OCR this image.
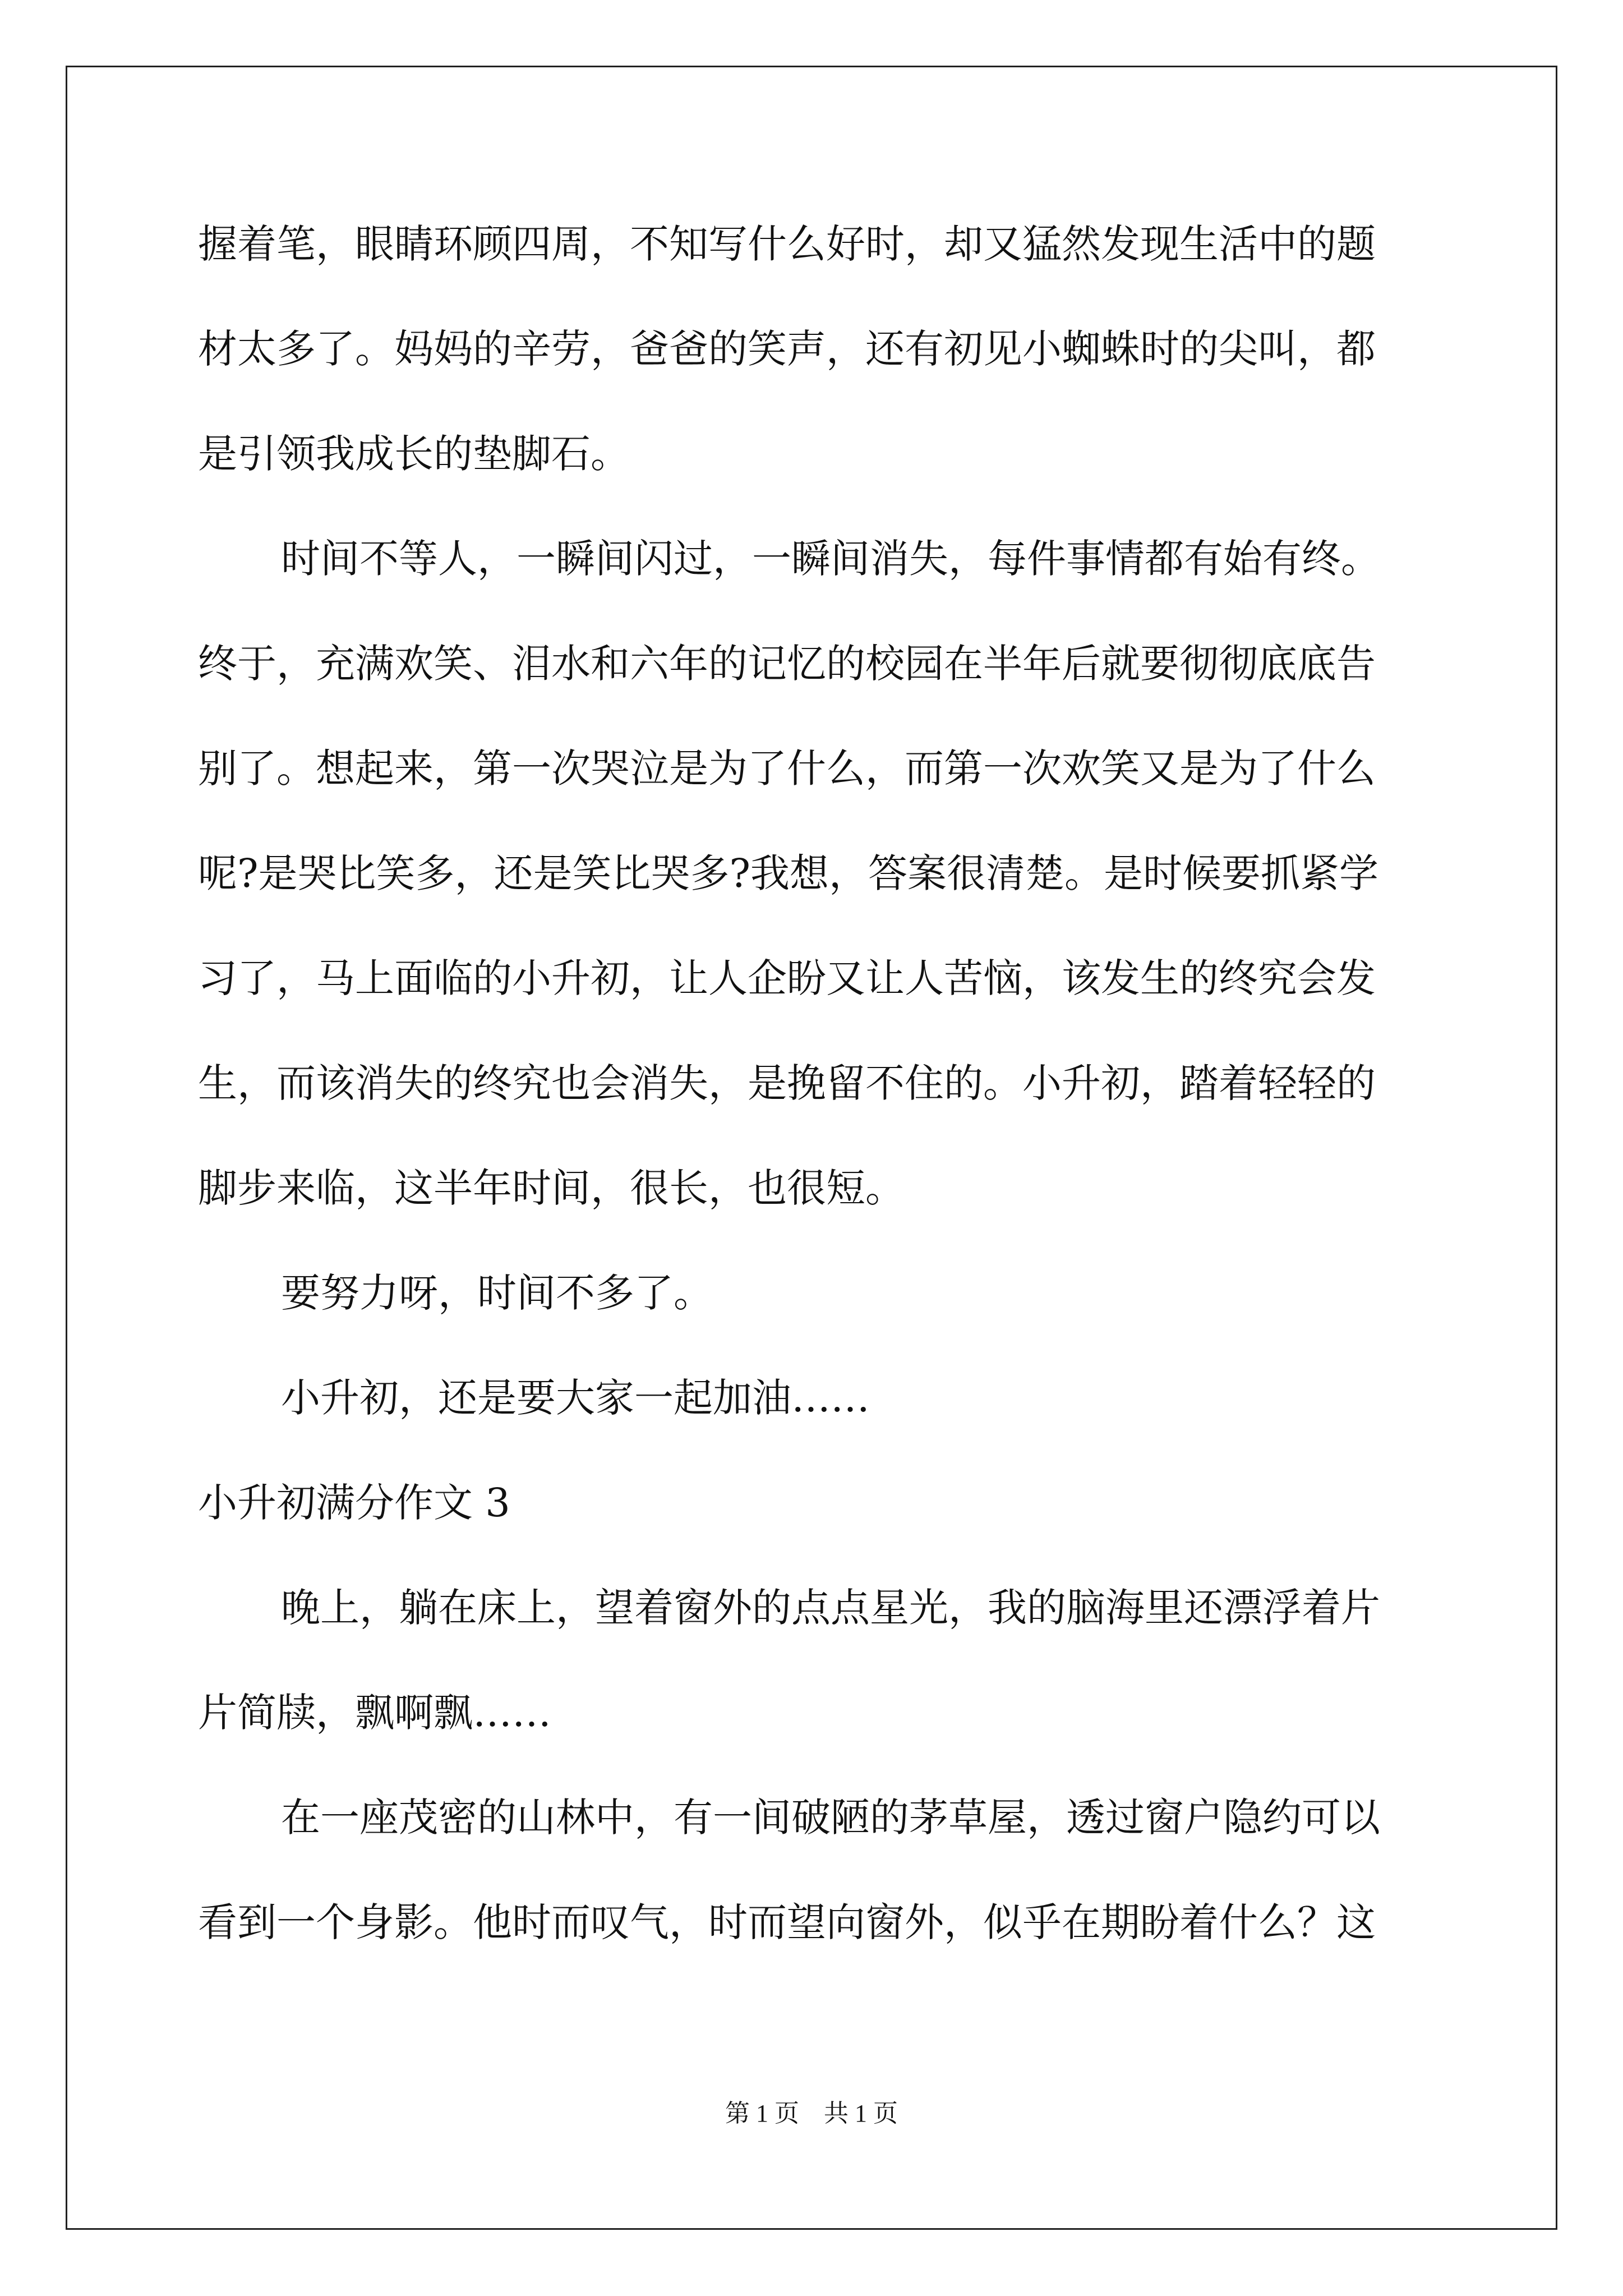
握着笔，眼睛环顾四周，不知写什么好时，却又猛然发现生活中的题
材太多了。妈妈的辛劳，爸爸的笑声，还有初见小蜘蛛时的尖叫，都
是引领我成长的垫脚石。
时间不等人，一瞬间闪过，一瞬间消失，每件事情都有始有终。
终于，充满欢笑、泪水和六年的记忆的校园在半年后就要彻彻底底告
别了。想起来，第一次哭泣是为了什么，而第一次欢笑又是为了什么
呢?是哭比笑多，还是笑比哭多?我想，答案很清楚。是时候要抓紧学
习了，马上面临的小升初，让人企盼又让人苦恼，该发生的终究会发
生，而该消失的终究也会消失，是挽留不住的。小升初，踏着轻轻的
脚步来临，这半年时间，很长，也很短。
要努力呀，时间不多了。
小升初，还是要大家一起加油……
小升初满分作文 3
晚上，躺在床上，望着窗外的点点星光，我的脑海里还漂浮着片
片简牍，飘啊飘……
在一座茂密的山林中，有一间破陋的茅草屋，透过窗户隐约可以
看到一个身影。他时而叹气，时而望向窗外，似乎在期盼着什么？这
第 1 页　共 1 页
